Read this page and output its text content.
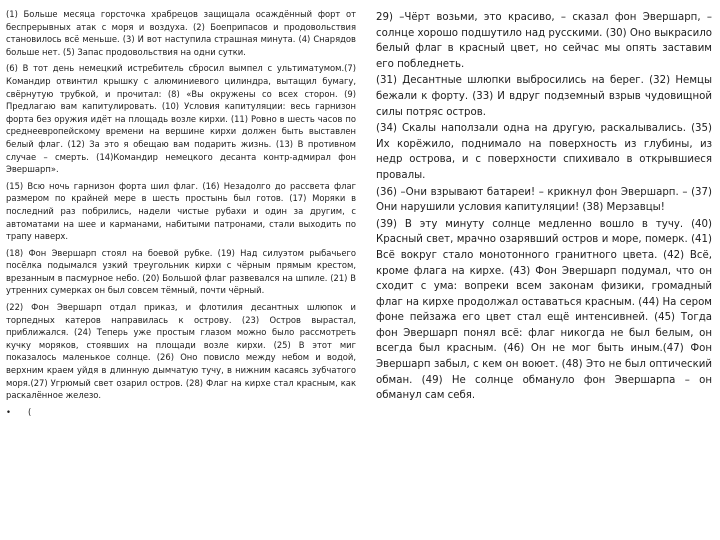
(1) Больше месяца горсточка храбрецов защищала осаждённый форт от беспрерывных атак с моря и воздуха. (2) Боеприпасов и продовольствия становилось всё меньше. (3) И вот наступила страшная минута. (4) Снарядов больше нет. (5) Запас продовольствия на одни сутки.

(6) В тот день немецкий истребитель сбросил вымпел с ультиматумом.(7) Командир отвинтил крышку с алюминиевого цилиндра, вытащил бумагу, свёрнутую трубкой, и прочитал: (8) «Вы окружены со всех сторон. (9) Предлагаю вам капитулировать. (10) Условия капитуляции: весь гарнизон форта без оружия идёт на площадь возле кирхи. (11) Ровно в шесть часов по среднеевропейскому времени на вершине кирхи должен быть выставлен белый флаг. (12) За это я обещаю вам подарить жизнь. (13) В противном случае – смерть. (14)Командир немецкого десанта контр-адмирал фон Эвершарп».

(15) Всю ночь гарнизон форта шил флаг. (16) Незадолго до рассвета флаг размером по крайней мере в шесть простынь был готов. (17) Моряки в последний раз побрились, надели чистые рубахи и один за другим, с автоматами на шее и карманами, набитыми патронами, стали выходить по трапу наверх.

(18) Фон Эвершарп стоял на боевой рубке. (19) Над силуэтом рыбачьего посёлка подымался узкий треугольник кирхи с чёрным прямым крестом, врезанным в пасмурное небо. (20) Большой флаг развевался на шпиле. (21) В утренних сумерках он был совсем тёмный, почти чёрный.

(22) Фон Эвершарп отдал приказ, и флотилия десантных шлюпок и торпедных катеров направилась к острову. (23) Остров вырастал, приближался. (24) Теперь уже простым глазом можно было рассмотреть кучку моряков, стоявших на площади возле кирхи. (25) В этот миг показалось маленькое солнце. (26) Оно повисло между небом и водой, верхним краем уйдя в длинную дымчатую тучу, в нижним касаясь зубчатого моря.(27) Угрюмый свет озарил остров. (28) Флаг на кирхе стал красным, как раскалённое железо.

• (

29) –Чёрт возьми, это красиво, – сказал фон Эвершарп, – солнце хорошо подшутило над русскими. (30) Оно выкрасило белый флаг в красный цвет, но сейчас мы опять заставим его побледнеть.

(31) Десантные шлюпки выбросились на берег. (32) Немцы бежали к форту. (33) И вдруг подземный взрыв чудовищной силы потряс остров.

(34) Скалы наползали одна на другую, раскалывались. (35) Их корёжило, поднимало на поверхность из глубины, из недр острова, и с поверхности спихивало в открывшиеся провалы.

(36) –Они взрывают батареи! – крикнул фон Эвершарп. – (37) Они нарушили условия капитуляции! (38) Мерзавцы!

(39) В эту минуту солнце медленно вошло в тучу. (40) Красный свет, мрачно озарявший остров и море, померк. (41) Всё вокруг стало монотонного гранитного цвета. (42) Всё, кроме флага на кирхе. (43) Фон Эвершарп подумал, что он сходит с ума: вопреки всем законам физики, громадный флаг на кирхе продолжал оставаться красным. (44) На сером фоне пейзажа его цвет стал ещё интенсивней. (45) Тогда фон Эвершарп понял всё: флаг никогда не был белым, он всегда был красным. (46) Он не мог быть иным.(47) Фон Эвершарп забыл, с кем он воюет. (48) Это не был оптический обман. (49) Не солнце обмануло фон Эвершарпа – он обманул сам себя.
